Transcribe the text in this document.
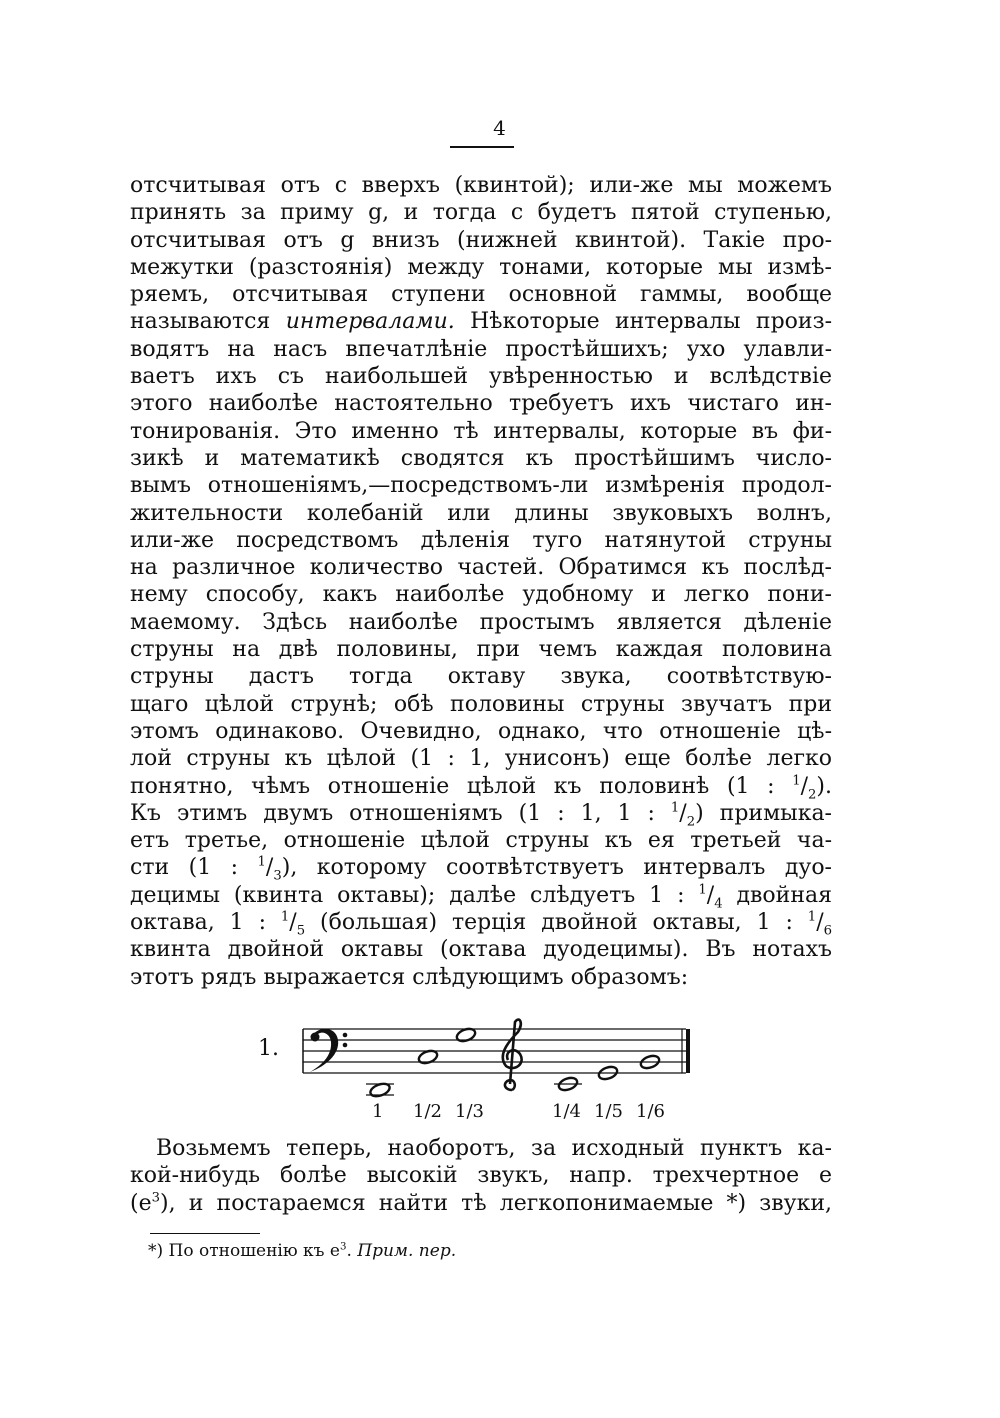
4
отсчитывая отъ c вверхъ (квинтой); или-же мы можемъ
принять за приму g, и тогда c будетъ пятой ступенью,
отсчитывая отъ g внизъ (нижней квинтой). Такіе про-
межутки (разстоянія) между тонами, которые мы измѣ-
ряемъ, отсчитывая ступени основной гаммы, вообще
называются интервалами. Нѣкоторые интервалы произ-
водятъ на насъ впечатлѣніе простѣйшихъ; ухо улавли-
ваетъ ихъ съ наибольшей увѣренностью и вслѣдствіе
этого наиболѣе настоятельно требуетъ ихъ чистаго ин-
тонированія. Это именно тѣ интервалы, которые въ фи-
зикѣ и математикѣ сводятся къ простѣйшимъ число-
вымъ отношеніямъ,—посредствомъ-ли измѣренія продол-
жительности колебаній или длины звуковыхъ волнъ,
или-же посредствомъ дѣленія туго натянутой струны
на различное количество частей. Обратимся къ послѣд-
нему способу, какъ наиболѣе удобному и легко пони-
маемому. Здѣсь наиболѣе простымъ является дѣленіе
струны на двѣ половины, при чемъ каждая половина
струны дастъ тогда октаву звука, соотвѣтствую-
щаго цѣлой струнѣ; обѣ половины струны звучатъ при
этомъ одинаково. Очевидно, однако, что отношеніе цѣ-
лой струны къ цѣлой (1 : 1, унисонъ) еще болѣе легко
понятно, чѣмъ отношеніе цѣлой къ половинѣ (1 : $^1/_2$).
Къ этимъ двумъ отношеніямъ (1 : 1, 1 : $^1/_2$) примыка-
етъ третье, отношеніе цѣлой струны къ ея третьей ча-
сти (1 : $^1/_3$), которому соотвѣтствуетъ интервалъ дуо-
децимы (квинта октавы); далѣе слѣдуетъ 1 : $^1/_4$ двойная
октава, 1 : $^1/_5$ (большая) терція двойной октавы, 1 : $^1/_6$
квинта двойной октавы (октава дуодецимы). Въ нотахъ
этотъ рядъ выражается слѣдующимъ образомъ:
1.
1 1/2 1/3	1/4 1/5 1/6
Возьмемъ теперь, наоборотъ, за исходный пунктъ ка-
кой-нибудь болѣе высокій звукъ, напр. трехчертное e
$(e^3)$, и постараемся найти тѣ легкопонимаемые *) звуки,
*) По отношенію къ $e^3$. Прим. пер.
